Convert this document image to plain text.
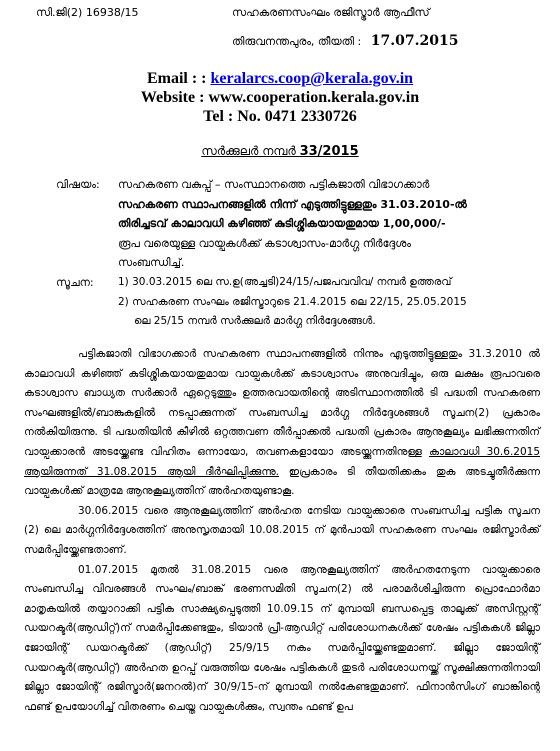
സി.ജി(2) 16938/15	സഹകരണസംഘം രജിസ്ട്രാർ ആഫീസ്
തിരുവനന്തപുരം, തീയതി : 17.07.2015
Email : : keralarcs.coop@kerala.gov.in
Website : www.cooperation.kerala.gov.in
Tel : No. 0471 2330726
സർക്കുലർ നമ്പർ 33/2015
വിഷയം: സഹകരണ വകുപ്പ് – സംസ്ഥാനത്തെ പട്ടികജാതി വിഭാഗക്കാർ
സഹകരണ സ്ഥാപനങ്ങളിൽ നിന്ന് എടുത്തിട്ടുള്ളതും 31.03.2010-ൽ
തിരിച്ചടവ് കാലാവധി കഴിഞ്ഞ് കുടിശ്ശികയായതുമായ 1,00,000/-
രൂപ വരെയുള്ള വായ്പകൾക്ക് കടാശ്വാസം-മാർഗ്ഗ നിർദ്ദേശം
സംബന്ധിച്ച്.
സൂചന: 1) 30.03.2015 ലെ സ.ഉ(അച്ചടി)24/15/പജപവവിവ/ നമ്പർ ഉത്തരവ്
2) സഹകരണ സംഘം രജിസ്ട്രാറുടെ 21.4.2015 ലെ 22/15, 25.05.2015
ലെ 25/15 നമ്പർ സർക്കുലർ മാർഗ്ഗ നിർദ്ദേശങ്ങൾ.

പട്ടികജാതി വിഭാഗക്കാർ സഹകരണ സ്ഥാപനങ്ങളിൽ നിന്നും എടുത്തിട്ടുള്ളതും 31.3.2010 ൽ കാലാവധി കഴിഞ്ഞ് കുടിശ്ശികയായതുമായ വായ്പകൾക്ക് കടാശ്വാസം അനുവദിച്ചും, ഒരു ലക്ഷം രൂപാവരെ കടാശ്വാസ ബാധ്യത സർക്കാർ ഏറ്റെടുത്തും ഉത്തരവായതിന്റെ അടിസ്ഥാനത്തിൽ ടി പദ്ധതി സഹകരണ സംഘങ്ങളിൽ/ബാങ്കുകളിൽ നടപ്പാക്കുന്നത് സംബന്ധിച്ച മാർഗ്ഗ നിർദ്ദേശങ്ങൾ സൂചന(2) പ്രകാരം നൽകിയിരുന്നു. ടി പദ്ധതിയിൻ കീഴിൽ ഒറ്റത്തവണ തീർപ്പാക്കൽ പദ്ധതി പ്രകാരം ആനുകൂല്യം ലഭിക്കുന്നതിന് വായ്പക്കാരൻ അടയ്ക്കേണ്ട വിഹിതം ഒന്നായോ, തവണകളായോ അടയ്ക്കുന്നതിനുള്ള കാലാവധി 30.6.2015 ആയിരുന്നത് 31.08.2015 ആയി ദീർഘിപ്പിക്കുന്നു. ഇപ്രകാരം ടി തീയതിക്കകം തുക അടച്ചുതീർക്കുന്ന വായ്പകൾക്ക് മാത്രമേ ആനുകൂല്യത്തിന് അർഹതയുണ്ടാകൂ.

30.06.2015 വരെ ആനുകൂല്യത്തിന് അർഹത നേടിയ വായ്പക്കാരെ സംബന്ധിച്ച പട്ടിക സൂചന (2) ലെ മാർഗ്ഗനിർദ്ദേശത്തിന് അനുസൃതമായി 10.08.2015 ന് മുൻപായി സഹകരണ സംഘം രജിസ്ട്രാർക്ക് സമർപ്പിയ്ക്കേണ്ടതാണ്.

01.07.2015 മുതൽ 31.08.2015 വരെ ആനുകൂല്യത്തിന് അർഹതനേടുന്ന വായ്പക്കാരെ സംബന്ധിച്ച വിവരങ്ങൾ സംഘം/ബാങ്ക് ഭരണസമിതി സൂചന(2) ൽ പരാമർശിച്ചിരുന്ന പ്രൊഫോർമാ മാതൃകയിൽ തയ്യാറാക്കി പട്ടിക സാക്ഷ്യപ്പെടുത്തി 10.09.15 ന് മുമ്പായി ബന്ധപ്പെട്ട താലൂക്ക് അസിസ്റ്റന്റ് ഡയറക്ടർ(ആഡിറ്റ്)ന് സമർപ്പിക്കേണ്ടതും, ടിയാൻ പ്രീ-ആഡിറ്റ് പരിശോധനകൾക്ക് ശേഷം പട്ടികകൾ ജില്ലാ ജോയിന്റ് ഡയറക്ടർക്ക് (ആഡിറ്റ്) 25/9/15 നകം സമർപ്പിയ്ക്കേണ്ടതുമാണ്. ജില്ലാ ജോയിന്റ് ഡയറക്ടർ(ആഡിറ്റ്) അർഹത ഉറപ്പ് വരുത്തിയ ശേഷം പട്ടികകൾ തുടർ പരിശോധനയ്ക്ക് സൂക്ഷിക്കുന്നതിനായി ജില്ലാ ജോയിന്റ് രജിസ്ട്രാർ(ജനറൽ)ന് 30/9/15-ന് മുമ്പായി നൽകേണ്ടതുമാണ്. ഫിനാൻസിംഗ് ബാങ്കിന്റെ ഫണ്ട് ഉപയോഗിച്ച് വിതരണം ചെയ്ത വായ്പകൾക്കും, സ്വന്തം ഫണ്ട് ഉപ
